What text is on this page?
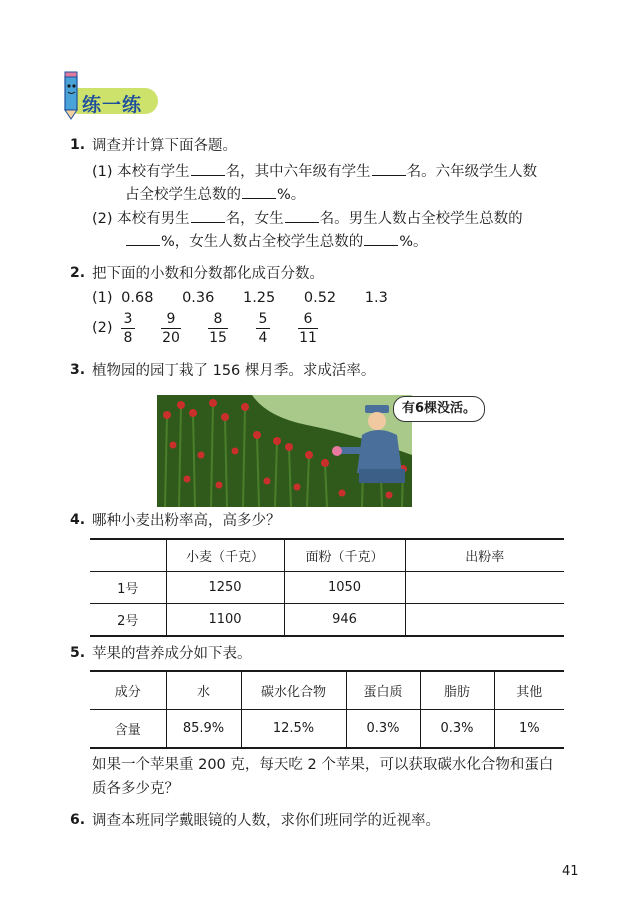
练一练
1. 调查并计算下面各题。
(1) 本校有学生 名，其中六年级有学生 名。六年级学生人数
占全校学生总数的 %。
(2) 本校有男生 名，女生 名。男生人数占全校学生总数的
%，女生人数占全校学生总数的 %。
2. 把下面的小数和分数都化成百分数。
(1) 0.68 0.36 1.25 0.52 1.3
(2)
3
8
9
20
8
15
5
4
6
11
3. 植物园的园丁栽了 156 棵月季。求成活率。
有6棵没活。
4. 哪种小麦出粉率高，高多少？
	小麦（千克）	面粉（千克）	出粉率
1号	1250	1050	
2号	1100	946	
5. 苹果的营养成分如下表。
成分	水	碳水化合物	蛋白质	脂肪	其他
含量	85.9%	12.5%	0.3%	0.3%	1%
如果一个苹果重 200 克，每天吃 2 个苹果，可以获取碳水化合物和蛋白
质各多少克？
6. 调查本班同学戴眼镜的人数，求你们班同学的近视率。
41
